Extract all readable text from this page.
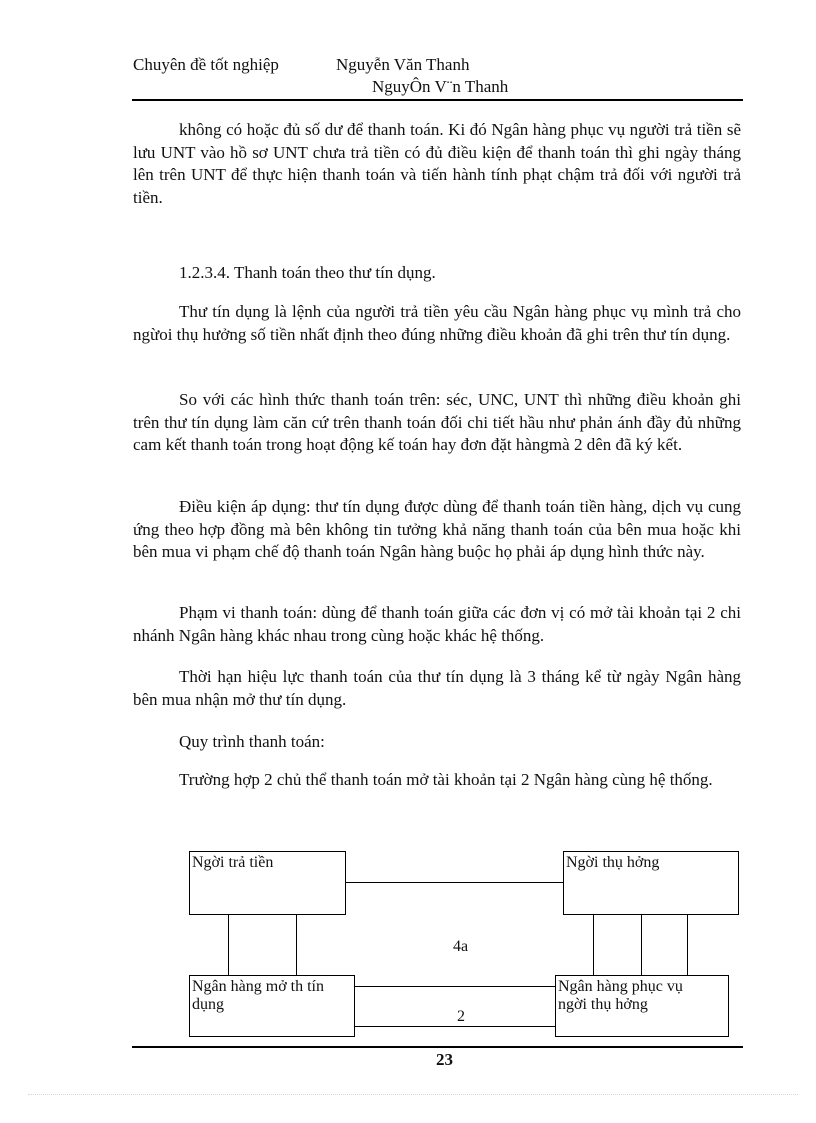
Chuyên đề tốt nghiệp	Nguyễn Văn Thanh
NguyÔn V¨n Thanh

không có hoặc đủ số dư để thanh toán. Ki đó Ngân hàng phục vụ người trả tiền sẽ lưu UNT vào hồ sơ UNT chưa trả tiền có đủ điều kiện để thanh toán thì ghi ngày tháng lên trên UNT để thực hiện thanh toán và tiến hành tính phạt chậm trả đối với người trả tiền.

1.2.3.4. Thanh toán theo thư tín dụng.

Thư tín dụng là lệnh của người trả tiền yêu cầu Ngân hàng phục vụ mình trả cho ngừoi thụ hưởng số tiền nhất định theo đúng những điều khoản đã ghi trên thư tín dụng.

So với các hình thức thanh toán trên: séc, UNC, UNT thì những điều khoản ghi trên thư tín dụng làm căn cứ trên thanh toán đối chi tiết hầu như phản ánh đầy đủ những cam kết thanh toán trong hoạt động kế toán hay đơn đặt hàngmà 2 dên đã ký kết.

Điều kiện áp dụng: thư tín dụng được dùng để thanh toán tiền hàng, dịch vụ cung ứng theo hợp đồng mà bên không tin tưởng khả năng thanh toán của bên mua hoặc khi bên mua vi phạm chế độ thanh toán Ngân hàng buộc họ phải áp dụng hình thức này.

Phạm vi thanh toán: dùng để thanh toán giữa các đơn vị có mở tài khoản tại 2 chi nhánh Ngân hàng khác nhau trong cùng hoặc khác hệ thống.

Thời hạn hiệu lực thanh toán của thư tín dụng là 3 tháng kể từ ngày Ngân hàng bên mua nhận mở thư tín dụng.

Quy trình thanh toán:

Trường hợp 2 chủ thể thanh toán mở tài khoản tại 2 Ngân hàng cùng hệ thống.

Ngời trả tiền	Ngời thụ hởng
Ngân hàng mở th tín
dụng
Ngân hàng phục vụ
ngời thụ hởng
4a
2
23
